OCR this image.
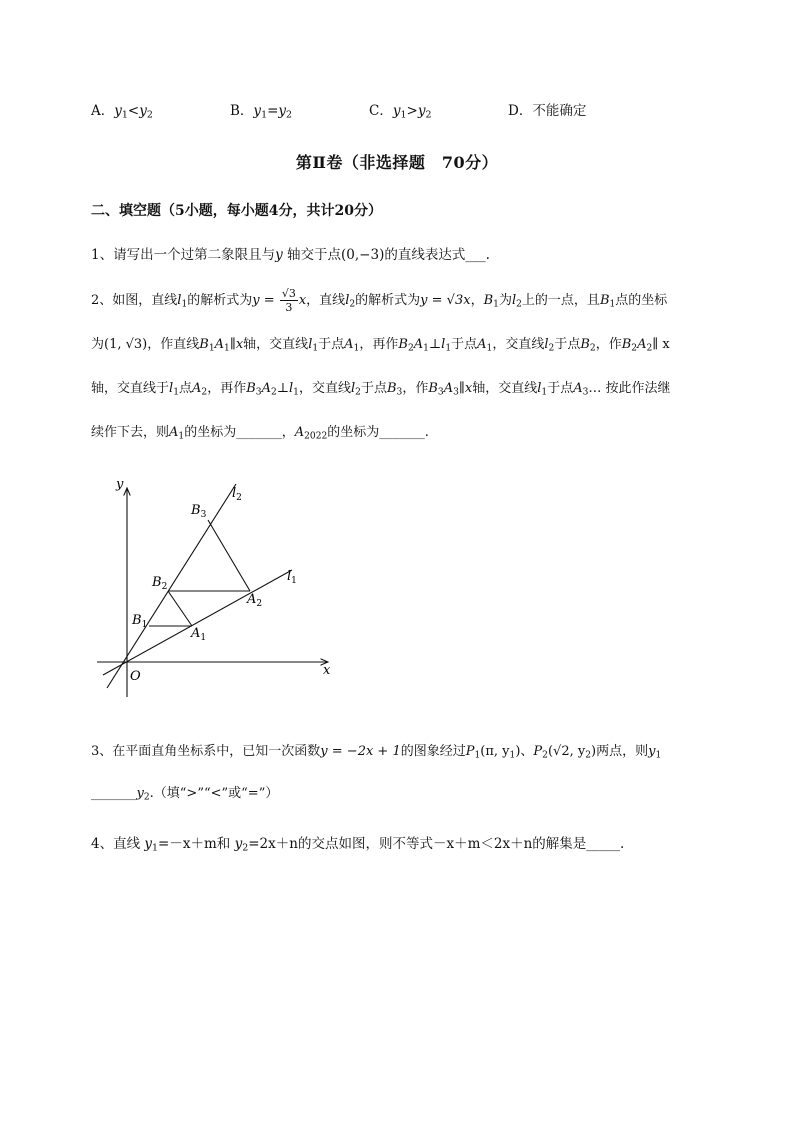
A．$y_1<y_2$	B．$y_1=y_2$	C．$y_1>y_2$	D．不能确定
第Ⅱ卷（非选择题　70分）
二、填空题（5小题，每小题4分，共计20分）
1、请写出一个过第二象限且与y 轴交于点(0,−3)的直线表达式___.
2、如图，直线$l_1$的解析式为$y = \frac{√3}{3}$ x，直线$l_2$的解析式为y = √3x，$B_1$为$l_2$上的一点，且$B_1$点的坐标
为(1, √3)，作直线$B_1A_1\parallel x$轴，交直线$l_1$于点$A_1$，再作$B_2A_1\perp l_1$于点$A_1$，交直线$l_2$于点$B_2$，作$B_2A_2\parallel$ x
轴，交直线于$l_1$点$A_2$，再作$B_3A_2\perp l_1$，交直线$l_2$于点$B_3$，作$B_3A_3\parallel x$轴，交直线$l_1$于点$A_3\dots$ 按此作法继
续作下去，则$A_1$的坐标为_______，$A_{2022}$的坐标为_______.
y
x
O
$l_1$
$l_2$
$B_1$
$B_2$
$B_3$
$A_1$
$A_2$
3、在平面直角坐标系中，已知一次函数y = −2x + 1的图象经过$P_1(\pi$, $y_1$)、$P_2(√2$, $y_2$)两点，则$y_1$
$\_\_\_\_\_\_\_y_2$.（填“>”“<”或“=”）
4、直线 $y_1=-x+m$和 $y_2=2x+n$的交点如图，则不等式－x＋m＜2x＋n的解集是_____.
